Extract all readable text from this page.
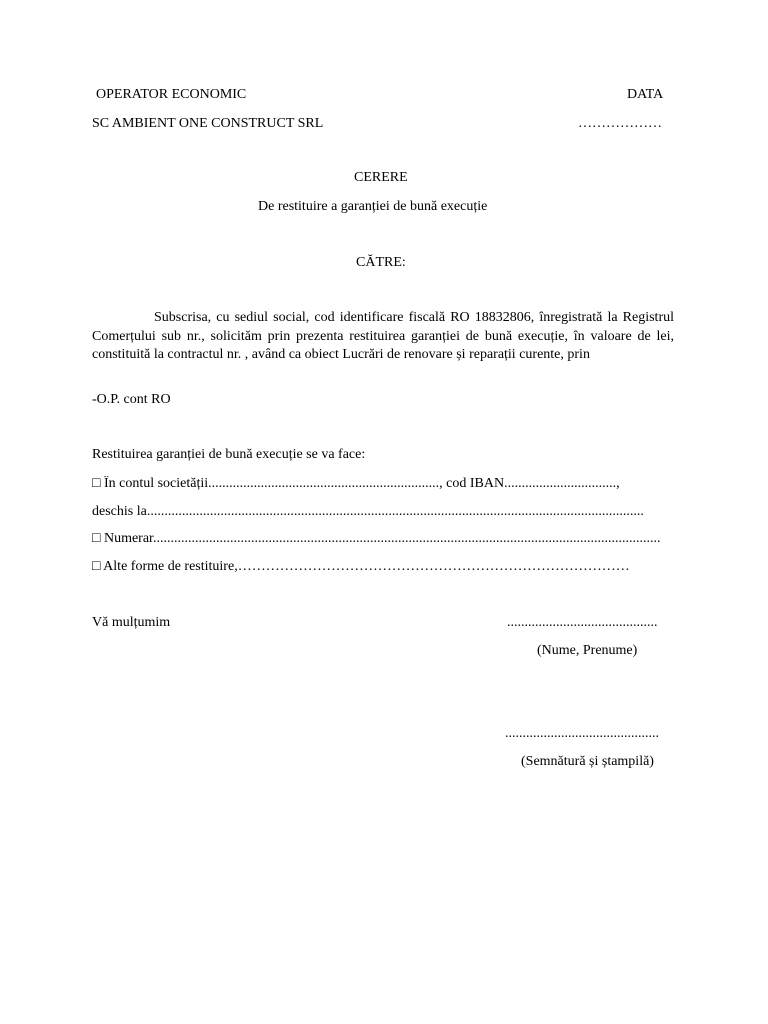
OPERATOR ECONOMIC	DATA
SC AMBIENT ONE CONSTRUCT SRL	………………
CERERE
De restituire a garanției de bună execuție
CĂTRE:
Subscrisa, cu sediul social, cod identificare fiscală RO 18832806, înregistrată la Registrul Comerțului sub nr., solicităm prin prezenta restituirea garanției de bună execuție, în valoare de lei, constituită la contractul nr. , având ca obiect Lucrări de renovare și reparații curente, prin
-O.P. cont RO
Restituirea garanției de bună execuție se va face:
□ În contul societății.................................................................., cod IBAN................................,
deschis la..............................................................................................................................................
□ Numerar.................................................................................................................................................
□ Alte forme de restituire,…………………………………………………………………………
Vă mulțumim	...........................................
(Nume, Prenume)
............................................
(Semnătură și ștampilă)
